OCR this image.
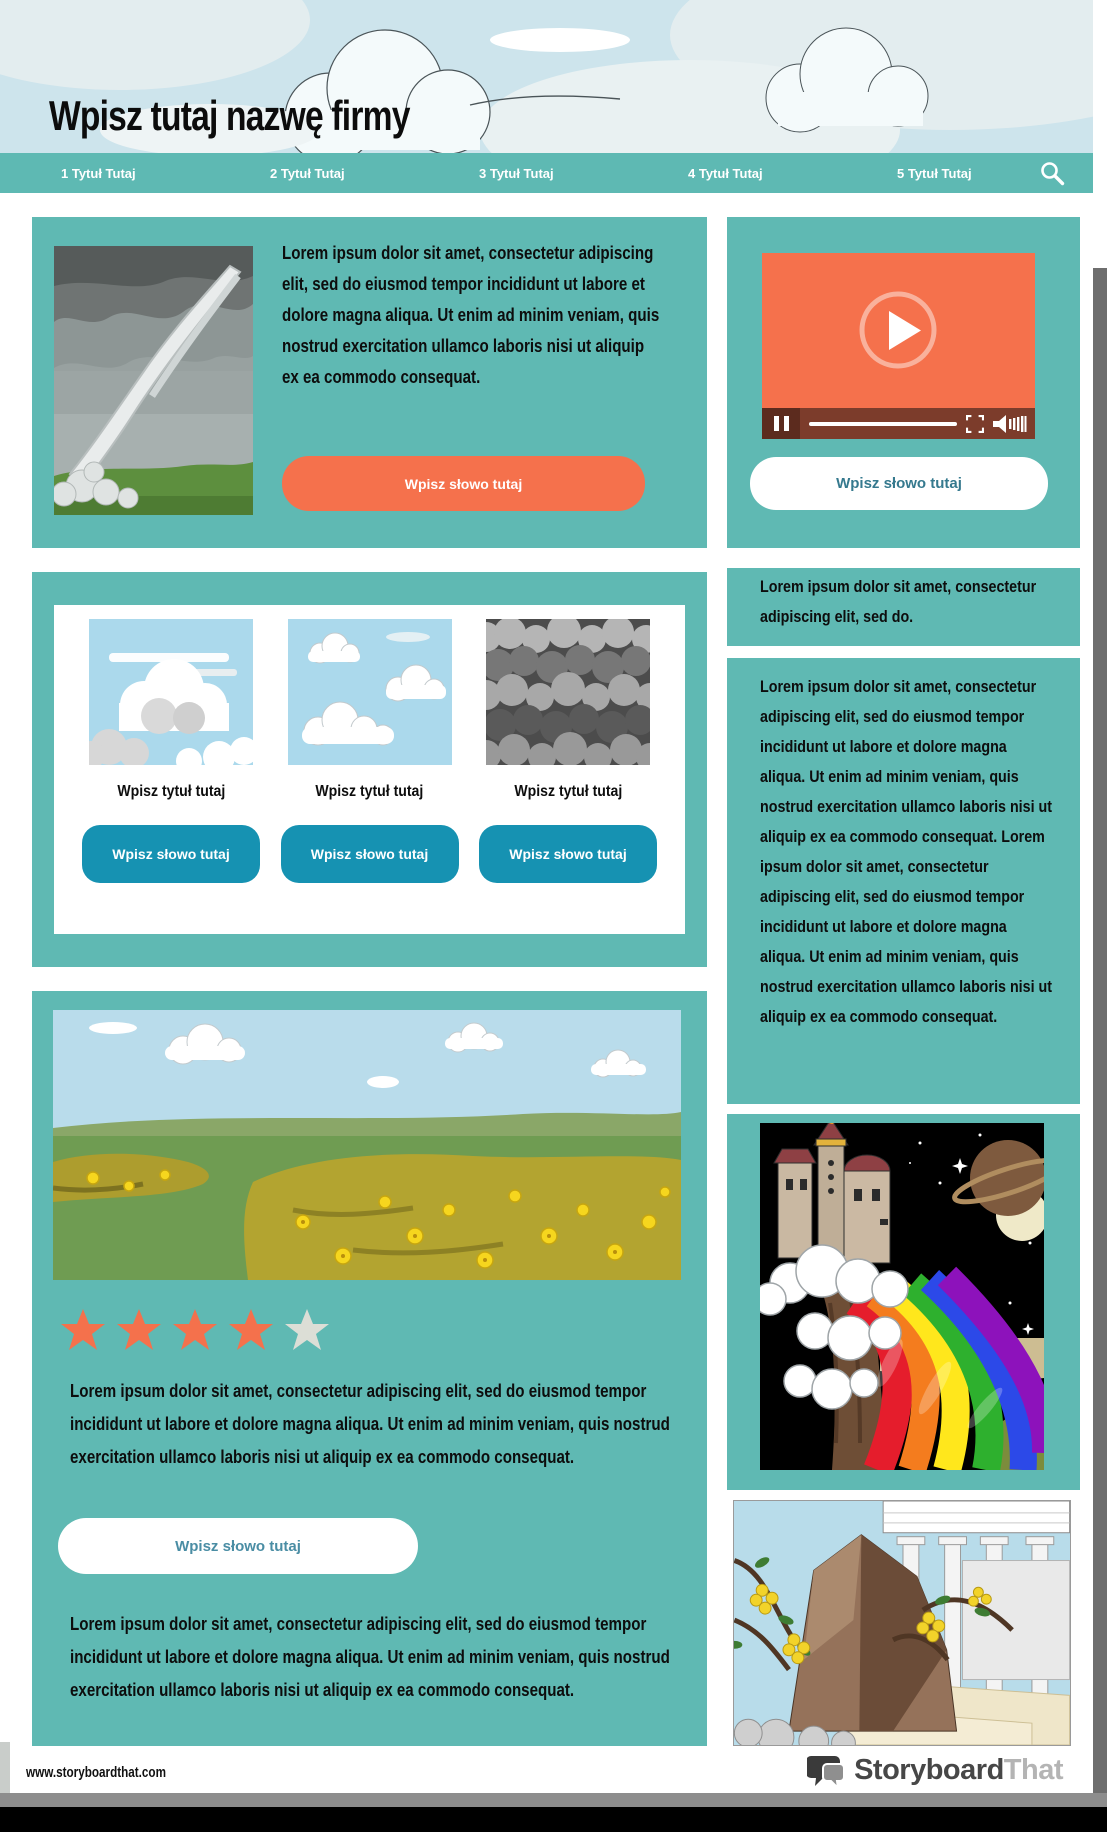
Wpisz tutaj nazwę firmy
1 Tytuł Tutaj	2 Tytuł Tutaj	3 Tytuł Tutaj	4 Tytuł Tutaj	5 Tytuł Tutaj
Lorem ipsum dolor sit amet, consectetur adipiscing elit, sed do eiusmod tempor incididunt ut labore et dolore magna aliqua. Ut enim ad minim veniam, quis nostrud exercitation ullamco laboris nisi ut aliquip ex ea commodo consequat.
Wpisz słowo tutaj	Wpisz słowo tutaj
Wpisz tytuł tutaj
Wpisz słowo tutaj
Wpisz tytuł tutaj
Wpisz słowo tutaj
Wpisz tytuł tutaj
Wpisz słowo tutaj
Lorem ipsum dolor sit amet, consectetur adipiscing elit, sed do.
Lorem ipsum dolor sit amet, consectetur adipiscing elit, sed do eiusmod tempor incididunt ut labore et dolore magna aliqua. Ut enim ad minim veniam, quis nostrud exercitation ullamco laboris nisi ut aliquip ex ea commodo consequat. Lorem ipsum dolor sit amet, consectetur adipiscing elit, sed do eiusmod tempor incididunt ut labore et dolore magna aliqua. Ut enim ad minim veniam, quis nostrud exercitation ullamco laboris nisi ut aliquip ex ea commodo consequat.
Lorem ipsum dolor sit amet, consectetur adipiscing elit, sed do eiusmod tempor incididunt ut labore et dolore magna aliqua. Ut enim ad minim veniam, quis nostrud exercitation ullamco laboris nisi ut aliquip ex ea commodo consequat.
Wpisz słowo tutaj
Lorem ipsum dolor sit amet, consectetur adipiscing elit, sed do eiusmod tempor incididunt ut labore et dolore magna aliqua. Ut enim ad minim veniam, quis nostrud exercitation ullamco laboris nisi ut aliquip ex ea commodo consequat.
www.storyboardthat.com	StoryboardThat
